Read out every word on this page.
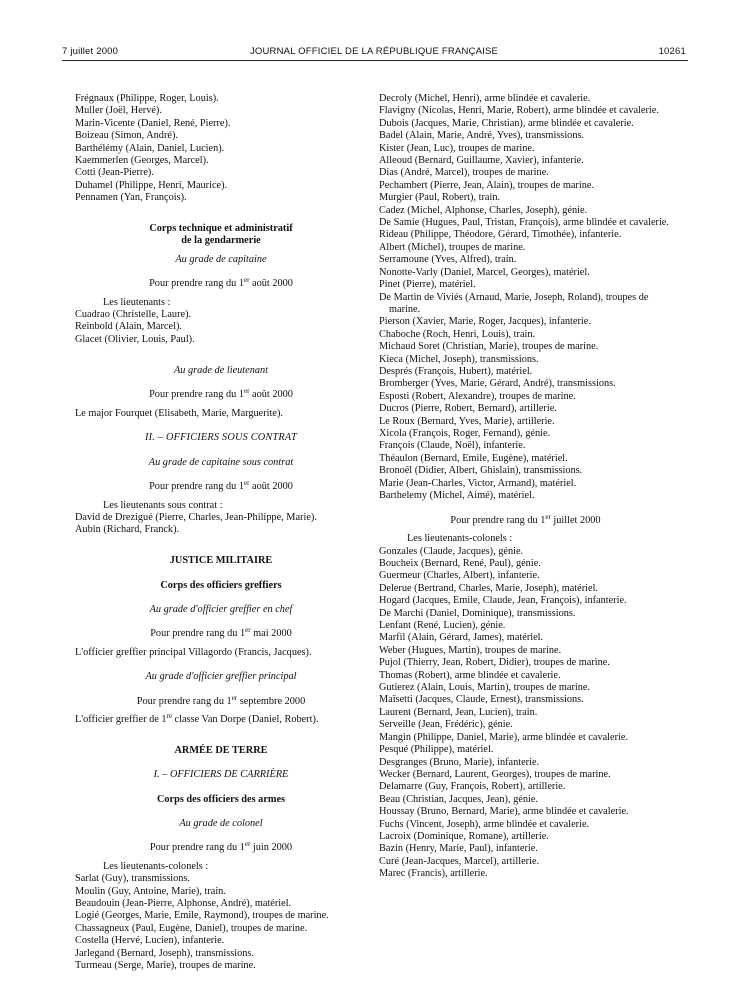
7 juillet 2000	JOURNAL OFFICIEL DE LA RÉPUBLIQUE FRANÇAISE	10261
Frégnaux (Philippe, Roger, Louis).
Muller (Joël, Hervé).
Marin-Vicente (Daniel, René, Pierre).
Boizeau (Simon, André).
Barthélémy (Alain, Daniel, Lucien).
Kaemmerlen (Georges, Marcel).
Cotti (Jean-Pierre).
Duhamel (Philippe, Henri, Maurice).
Pennamen (Yan, François).
Corps technique et administratif
de la gendarmerie
Au grade de capitaine
Pour prendre rang du 1er août 2000
Les lieutenants :
Cuadrao (Christelle, Laure).
Reinbold (Alain, Marcel).
Glacet (Olivier, Louis, Paul).
Au grade de lieutenant
Pour prendre rang du 1er août 2000
Le major Fourquet (Elisabeth, Marie, Marguerite).
II. – OFFICIERS SOUS CONTRAT
Au grade de capitaine sous contrat
Pour prendre rang du 1er août 2000
Les lieutenants sous contrat :
David de Drezigué (Pierre, Charles, Jean-Philippe, Marie).
Aubin (Richard, Franck).
JUSTICE MILITAIRE
Corps des officiers greffiers
Au grade d'officier greffier en chef
Pour prendre rang du 1er mai 2000
L'officier greffier principal Villagordo (Francis, Jacques).
Au grade d'officier greffier principal
Pour prendre rang du 1er septembre 2000
L'officier greffier de 1re classe Van Dorpe (Daniel, Robert).
ARMÉE DE TERRE
I. – OFFICIERS DE CARRIÈRE
Corps des officiers des armes
Au grade de colonel
Pour prendre rang du 1er juin 2000
Les lieutenants-colonels :
Sarlat (Guy), transmissions.
Moulin (Guy, Antoine, Marie), train.
Beaudouin (Jean-Pierre, Alphonse, André), matériel.
Logié (Georges, Marie, Emile, Raymond), troupes de marine.
Chassagneux (Paul, Eugène, Daniel), troupes de marine.
Costella (Hervé, Lucien), infanterie.
Jarlegand (Bernard, Joseph), transmissions.
Turmeau (Serge, Marie), troupes de marine.
Decroly (Michel, Henri), arme blindée et cavalerie.
Flavigny (Nicolas, Henri, Marie, Robert), arme blindée et cavalerie.
Dubois (Jacques, Marie, Christian), arme blindée et cavalerie.
Badel (Alain, Marie, André, Yves), transmissions.
Kister (Jean, Luc), troupes de marine.
Alleoud (Bernard, Guillaume, Xavier), infanterie.
Dias (André, Marcel), troupes de marine.
Pechambert (Pierre, Jean, Alain), troupes de marine.
Murgier (Paul, Robert), train.
Cadez (Michel, Alphonse, Charles, Joseph), génie.
De Samie (Hugues, Paul, Tristan, François), arme blindée et cavalerie.
Rideau (Philippe, Théodore, Gérard, Timothée), infanterie.
Albert (Michel), troupes de marine.
Serramoune (Yves, Alfred), train.
Nonotte-Varly (Daniel, Marcel, Georges), matériel.
Pinet (Pierre), matériel.
De Martin de Viviés (Arnaud, Marie, Joseph, Roland), troupes de marine.
Pierson (Xavier, Marie, Roger, Jacques), infanterie.
Chaboche (Roch, Henri, Louis), train.
Michaud Soret (Christian, Marie), troupes de marine.
Kieca (Michel, Joseph), transmissions.
Després (François, Hubert), matériel.
Bromberger (Yves, Marie, Gérard, André), transmissions.
Esposti (Robert, Alexandre), troupes de marine.
Ducros (Pierre, Robert, Bernard), artillerie.
Le Roux (Bernard, Yves, Marie), artillerie.
Xicola (François, Roger, Fernand), génie.
François (Claude, Noël), infanterie.
Théaulon (Bernard, Emile, Eugène), matériel.
Bronoël (Didier, Albert, Ghislain), transmissions.
Marie (Jean-Charles, Victor, Armand), matériel.
Barthelemy (Michel, Aimé), matériel.
Pour prendre rang du 1er juillet 2000
Les lieutenants-colonels :
Gonzales (Claude, Jacques), génie.
Boucheix (Bernard, René, Paul), génie.
Guermeur (Charles, Albert), infanterie.
Delerue (Bertrand, Charles, Marie, Joseph), matériel.
Hogard (Jacques, Emile, Claude, Jean, François), infanterie.
De Marchi (Daniel, Dominique), transmissions.
Lenfant (René, Lucien), génie.
Marfil (Alain, Gérard, James), matériel.
Weber (Hugues, Martin), troupes de marine.
Pujol (Thierry, Jean, Robert, Didier), troupes de marine.
Thomas (Robert), arme blindée et cavalerie.
Gutierez (Alain, Louis, Martin), troupes de marine.
Maïsetti (Jacques, Claude, Ernest), transmissions.
Laurent (Bernard, Jean, Lucien), train.
Serveille (Jean, Frédéric), génie.
Mangin (Philippe, Daniel, Marie), arme blindée et cavalerie.
Pesqué (Philippe), matériel.
Desgranges (Bruno, Marie), infanterie.
Wecker (Bernard, Laurent, Georges), troupes de marine.
Delamarre (Guy, François, Robert), artillerie.
Beau (Christian, Jacques, Jean), génie.
Houssay (Bruno, Bernard, Marie), arme blindée et cavalerie.
Fuchs (Vincent, Joseph), arme blindée et cavalerie.
Lacroix (Dominique, Romane), artillerie.
Bazin (Henry, Marie, Paul), infanterie.
Curé (Jean-Jacques, Marcel), artillerie.
Marec (Francis), artillerie.
